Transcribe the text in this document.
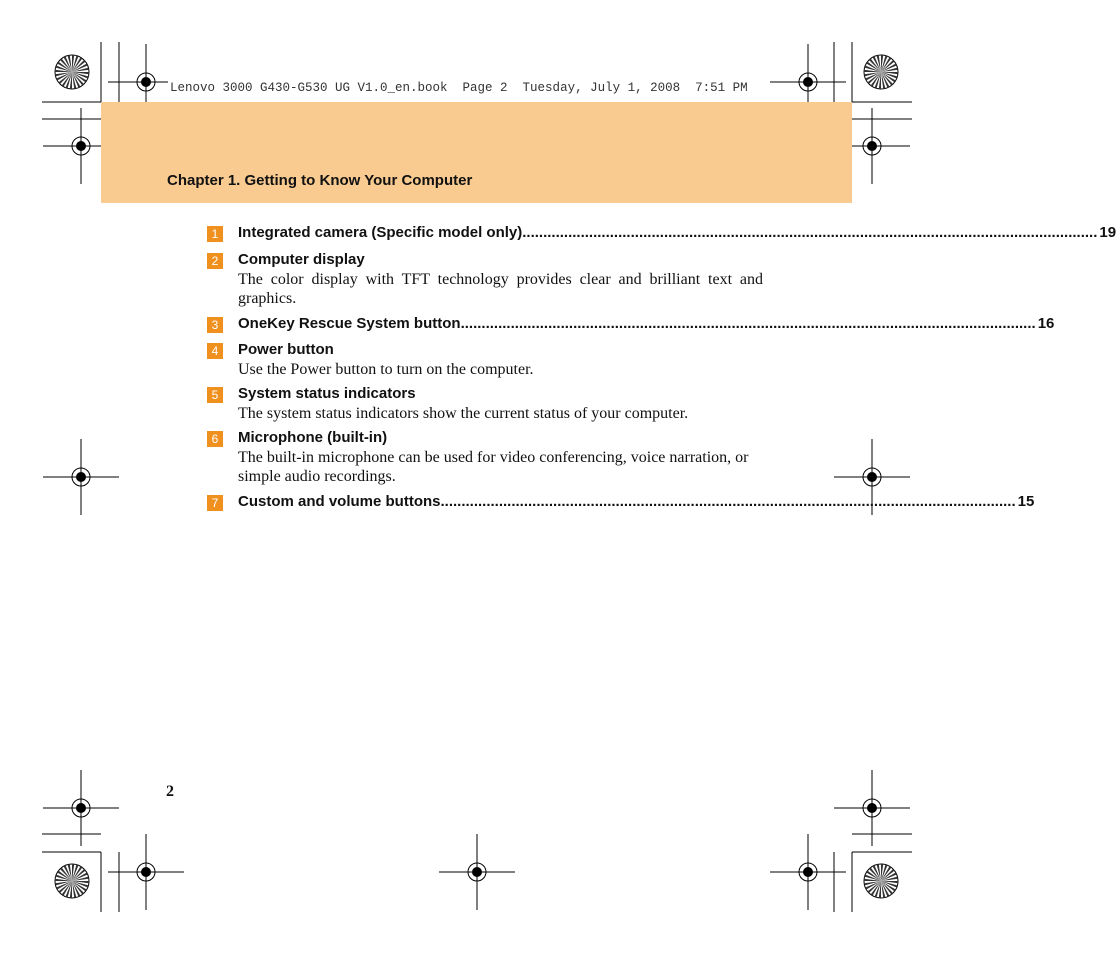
Lenovo 3000 G430-G530 UG V1.0_en.book  Page 2  Tuesday, July 1, 2008  7:51 PM
Chapter 1. Getting to Know Your Computer
1	Integrated camera (Specific model only) .......................................................................................................................................... 19
2	Computer display
The color display with TFT technology provides clear and brilliant text and graphics.
3	OneKey Rescue System button .......................................................................................................................................... 16
4	Power button
Use the Power button to turn on the computer.
5	System status indicators
The system status indicators show the current status of your computer.
6	Microphone (built-in)
The built-in microphone can be used for video conferencing, voice narration, or simple audio recordings.
7	Custom and volume buttons .......................................................................................................................................... 15
2
